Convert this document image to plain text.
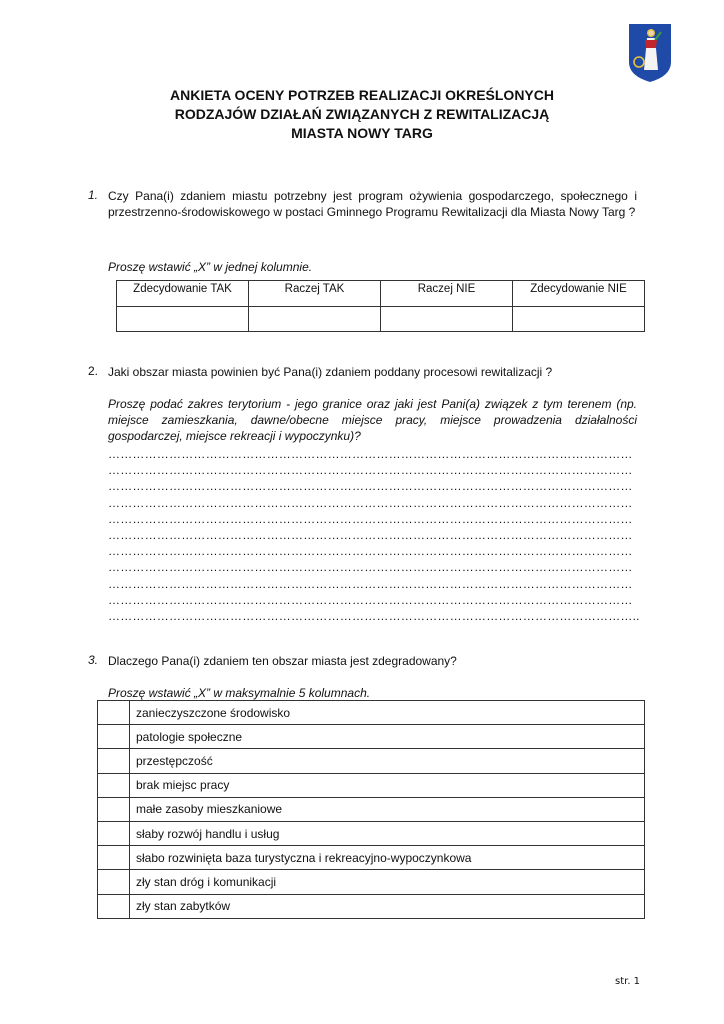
ANKIETA OCENY POTRZEB REALIZACJI OKREŚLONYCH
RODZAJÓW DZIAŁAŃ ZWIĄZANYCH Z REWITALIZACJĄ
MIASTA NOWY TARG
1. Czy Pana(i) zdaniem miastu potrzebny jest program ożywienia gospodarczego, społecznego i przestrzenno-środowiskowego w postaci Gminnego Programu Rewitalizacji dla Miasta Nowy Targ ?
Proszę wstawić „X” w jednej kolumnie.
Zdecydowanie TAK	Raczej TAK	Raczej NIE	Zdecydowanie NIE

2. Jaki obszar miasta powinien być Pana(i) zdaniem poddany procesowi rewitalizacji ?
Proszę podać zakres terytorium - jego granice oraz jaki jest Pani(a) związek z tym terenem (np. miejsce zamieszkania, dawne/obecne miejsce pracy, miejsce prowadzenia działalności gospodarczej, miejsce rekreacji i wypoczynku)?
…………………………………………………………………………………………………………………
…………………………………………………………………………………………………………………
…………………………………………………………………………………………………………………
…………………………………………………………………………………………………………………
…………………………………………………………………………………………………………………
…………………………………………………………………………………………………………………
…………………………………………………………………………………………………………………
…………………………………………………………………………………………………………………
…………………………………………………………………………………………………………………
…………………………………………………………………………………………………………………
…………………………………………………………………………………………………………………..
3. Dlaczego Pana(i) zdaniem ten obszar miasta jest zdegradowany?
Proszę wstawić „X” w maksymalnie 5 kolumnach.
	zanieczyszczone środowisko
	patologie społeczne
	przestępczość
	brak miejsc pracy
	małe zasoby mieszkaniowe
	słaby rozwój handlu i usług
	słabo rozwinięta baza turystyczna i rekreacyjno-wypoczynkowa
	zły stan dróg i komunikacji
	zły stan zabytków
str. 1
